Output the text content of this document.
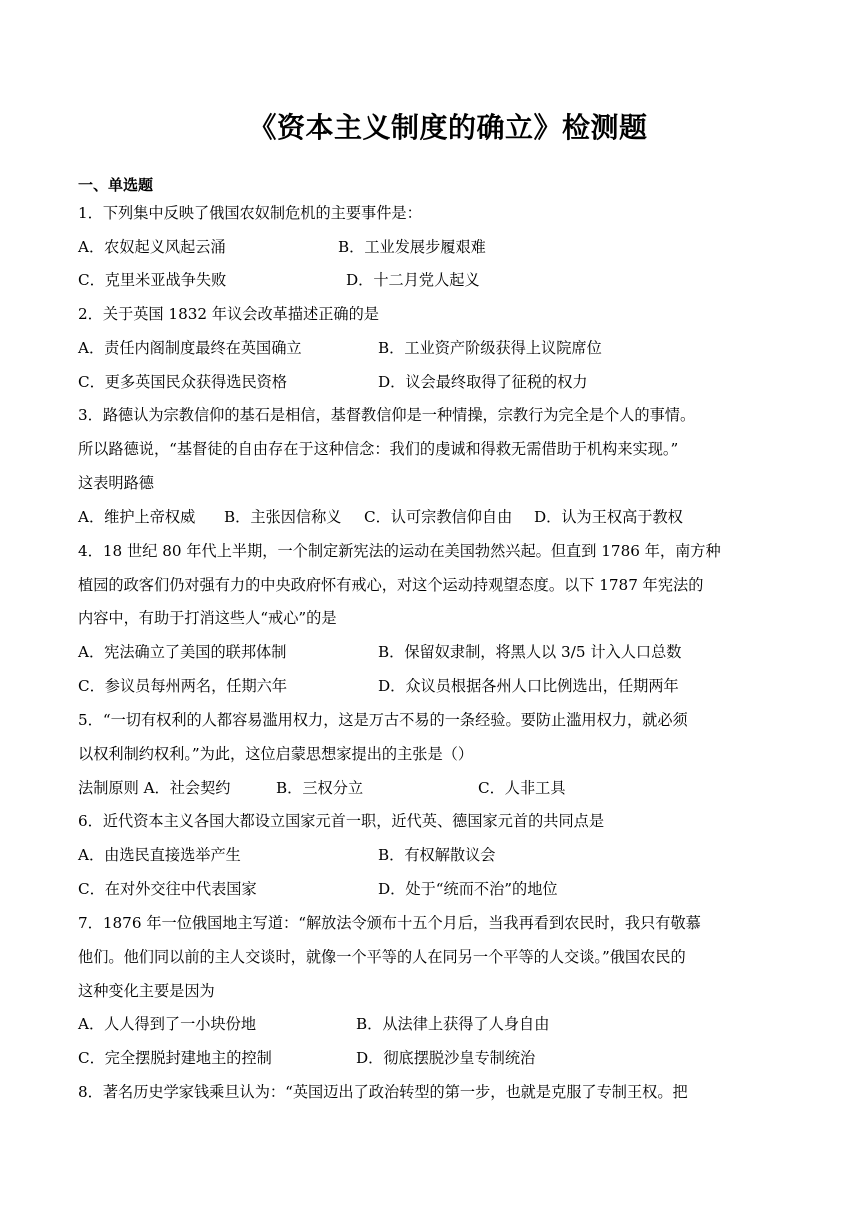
《资本主义制度的确立》检测题
一、单选题
1．下列集中反映了俄国农奴制危机的主要事件是：
A．农奴起义风起云涌	B．工业发展步履艰难
C．克里米亚战争失败	D．十二月党人起义
2．关于英国 1832 年议会改革描述正确的是
A．责任内阁制度最终在英国确立	B．工业资产阶级获得上议院席位
C．更多英国民众获得选民资格	D．议会最终取得了征税的权力
3．路德认为宗教信仰的基石是相信，基督教信仰是一种情操，宗教行为完全是个人的事情。
所以路德说，“基督徒的自由存在于这种信念：我们的虔诚和得救无需借助于机构来实现。”
这表明路德
A．维护上帝权威 B．主张因信称义 C．认可宗教信仰自由 D．认为王权高于教权
4．18 世纪 80 年代上半期，一个制定新宪法的运动在美国勃然兴起。但直到 1786 年，南方种
植园的政客们仍对强有力的中央政府怀有戒心，对这个运动持观望态度。以下 1787 年宪法的
内容中，有助于打消这些人“戒心”的是
A．宪法确立了美国的联邦体制	B．保留奴隶制，将黑人以 3/5 计入人口总数
C．参议员每州两名，任期六年	D．众议员根据各州人口比例选出，任期两年
5．“一切有权利的人都容易滥用权力，这是万古不易的一条经验。要防止滥用权力，就必须
以权利制约权利。”为此，这位启蒙思想家提出的主张是（）
法制原则 A．社会契约	B．三权分立	C．人非工具
6．近代资本主义各国大都设立国家元首一职，近代英、德国家元首的共同点是
A．由选民直接选举产生	B．有权解散议会
C．在对外交往中代表国家	D．处于“统而不治”的地位
7．1876 年一位俄国地主写道：“解放法令颁布十五个月后，当我再看到农民时，我只有敬慕
他们。他们同以前的主人交谈时，就像一个平等的人在同另一个平等的人交谈。”俄国农民的
这种变化主要是因为
A．人人得到了一小块份地	B．从法律上获得了人身自由
C．完全摆脱封建地主的控制	D．彻底摆脱沙皇专制统治
8．著名历史学家钱乘旦认为：“英国迈出了政治转型的第一步，也就是克服了专制王权。把
